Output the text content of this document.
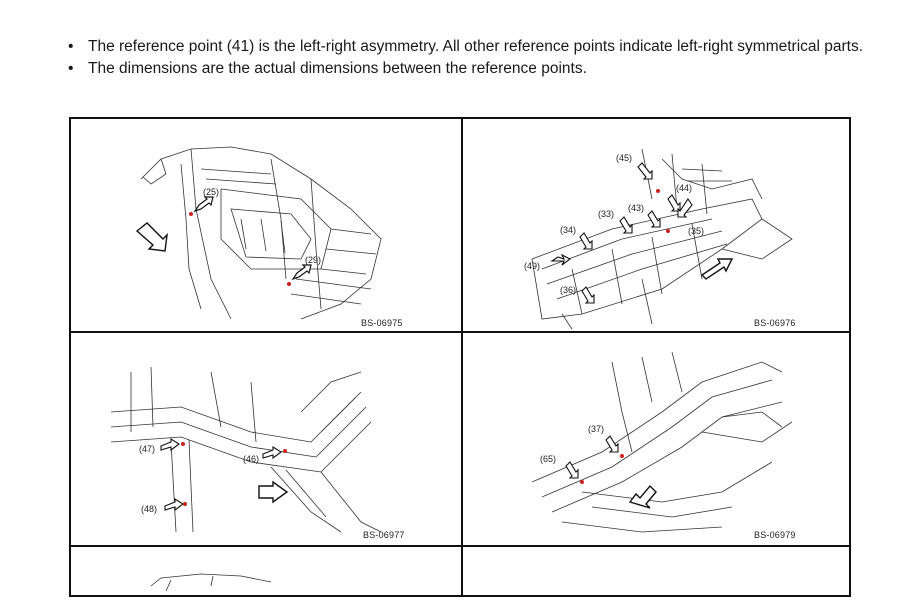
• The reference point (41) is the left-right asymmetry. All other reference points indicate left-right symmetrical parts.
• The dimensions are the actual dimensions between the reference points.
(25)
(29)
BS-06975
(45)
(44)
(33)
(43)
(34)	(35)
(49)
(36)
BS-06976
(47)
(46)
(48)
BS-06977
(37)
(65)
BS-06979
